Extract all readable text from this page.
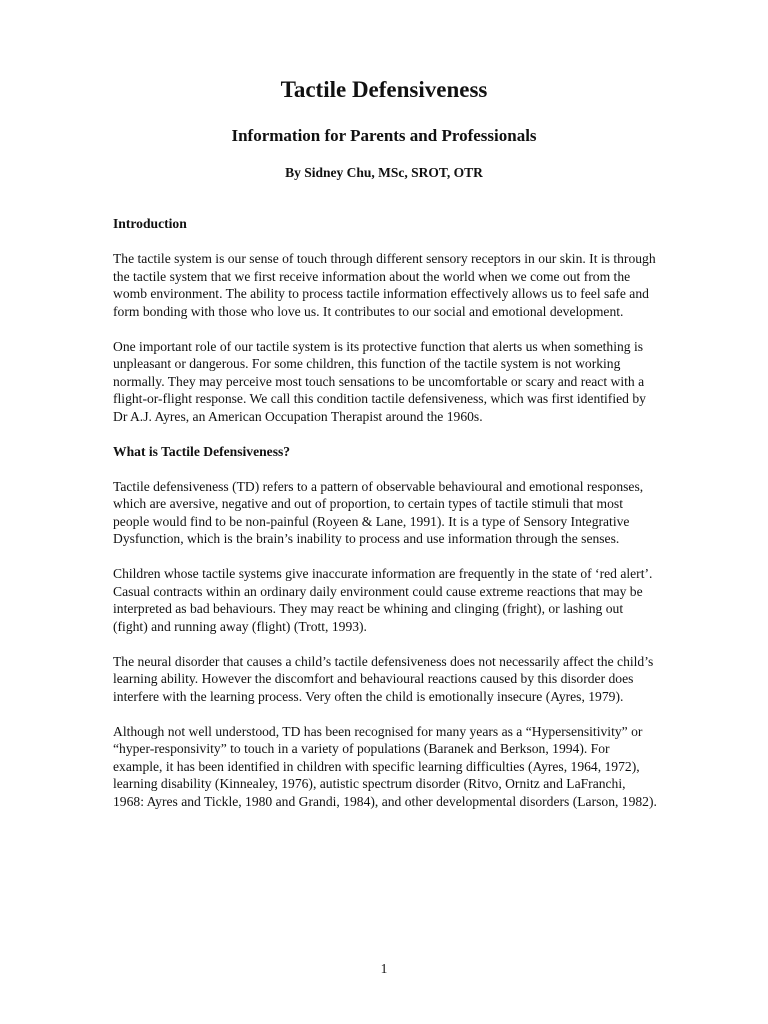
Tactile Defensiveness
Information for Parents and Professionals

By Sidney Chu, MSc, SROT, OTR

Introduction

The tactile system is our sense of touch through different sensory receptors in our skin. It is through the tactile system that we first receive information about the world when we come out from the womb environment. The ability to process tactile information effectively allows us to feel safe and form bonding with those who love us. It contributes to our social and emotional development.

One important role of our tactile system is its protective function that alerts us when something is unpleasant or dangerous. For some children, this function of the tactile system is not working normally. They may perceive most touch sensations to be uncomfortable or scary and react with a flight-or-flight response. We call this condition tactile defensiveness, which was first identified by Dr A.J. Ayres, an American Occupation Therapist around the 1960s.

What is Tactile Defensiveness?

Tactile defensiveness (TD) refers to a pattern of observable behavioural and emotional responses, which are aversive, negative and out of proportion, to certain types of tactile stimuli that most people would find to be non-painful (Royeen & Lane, 1991). It is a type of Sensory Integrative Dysfunction, which is the brain’s inability to process and use information through the senses.

Children whose tactile systems give inaccurate information are frequently in the state of ‘red alert’. Casual contracts within an ordinary daily environment could cause extreme reactions that may be interpreted as bad behaviours. They may react be whining and clinging (fright), or lashing out (fight) and running away (flight) (Trott, 1993).

The neural disorder that causes a child’s tactile defensiveness does not necessarily affect the child’s learning ability. However the discomfort and behavioural reactions caused by this disorder does interfere with the learning process. Very often the child is emotionally insecure (Ayres, 1979).

Although not well understood, TD has been recognised for many years as a “Hypersensitivity” or “hyper-responsivity” to touch in a variety of populations (Baranek and Berkson, 1994). For example, it has been identified in children with specific learning difficulties (Ayres, 1964, 1972), learning disability (Kinnealey, 1976), autistic spectrum disorder (Ritvo, Ornitz and LaFranchi, 1968: Ayres and Tickle, 1980 and Grandi, 1984), and other developmental disorders (Larson, 1982).

1
